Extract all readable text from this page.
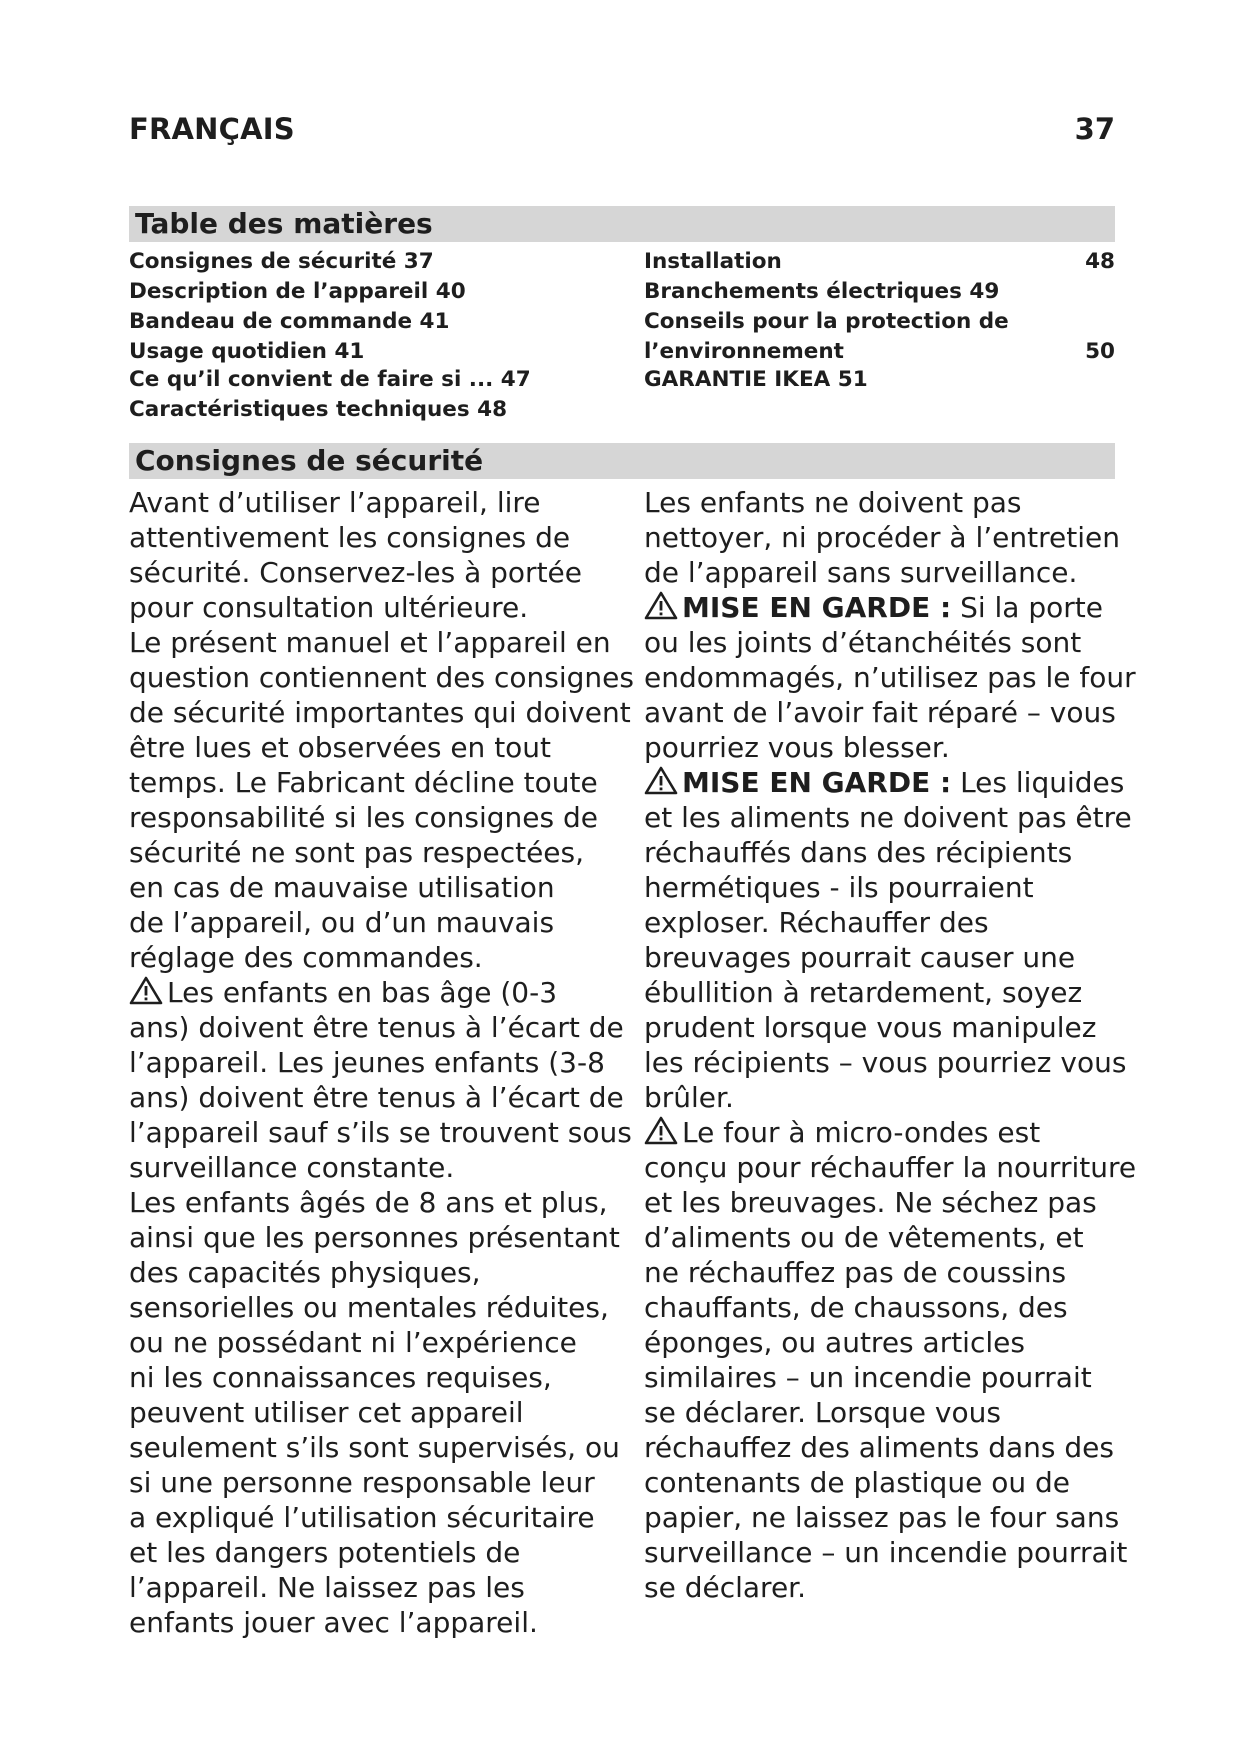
FRANÇAIS	37
Table des matières
Consignes de sécurité 37
Description de l’appareil 40
Bandeau de commande 41
Usage quotidien 41
Ce qu’il convient de faire si ... 47
Caractéristiques techniques 48
Installation	48
Branchements électriques 49
Conseils pour la protection de
l’environnement	50
GARANTIE IKEA 51
Consignes de sécurité

Avant d’utiliser l’appareil, lire

attentivement les consignes de

sécurité. Conservez-les à portée

pour consultation ultérieure.

Le présent manuel et l’appareil en

question contiennent des consignes

de sécurité importantes qui doivent

être lues et observées en tout

temps. Le Fabricant décline toute

responsabilité si les consignes de

sécurité ne sont pas respectées,

en cas de mauvaise utilisation

de l’appareil, ou d’un mauvais

réglage des commandes.

Les enfants en bas âge (0-3

ans) doivent être tenus à l’écart de

l’appareil. Les jeunes enfants (3-8

ans) doivent être tenus à l’écart de

l’appareil sauf s’ils se trouvent sous

surveillance constante.

Les enfants âgés de 8 ans et plus,

ainsi que les personnes présentant

des capacités physiques,

sensorielles ou mentales réduites,

ou ne possédant ni l’expérience

ni les connaissances requises,

peuvent utiliser cet appareil

seulement s’ils sont supervisés, ou

si une personne responsable leur

a expliqué l’utilisation sécuritaire

et les dangers potentiels de

l’appareil. Ne laissez pas les

enfants jouer avec l’appareil.

Les enfants ne doivent pas

nettoyer, ni procéder à l’entretien

de l’appareil sans surveillance.

MISE EN GARDE : Si la porte

ou les joints d’étanchéités sont

endommagés, n’utilisez pas le four

avant de l’avoir fait réparé – vous

pourriez vous blesser.

MISE EN GARDE : Les liquides

et les aliments ne doivent pas être

réchauffés dans des récipients

hermétiques - ils pourraient

exploser. Réchauffer des

breuvages pourrait causer une

ébullition à retardement, soyez

prudent lorsque vous manipulez

les récipients – vous pourriez vous

brûler.

Le four à micro-ondes est

conçu pour réchauffer la nourriture

et les breuvages. Ne séchez pas

d’aliments ou de vêtements, et

ne réchauffez pas de coussins

chauffants, de chaussons, des

éponges, ou autres articles

similaires – un incendie pourrait

se déclarer. Lorsque vous

réchauffez des aliments dans des

contenants de plastique ou de

papier, ne laissez pas le four sans

surveillance – un incendie pourrait

se déclarer.
